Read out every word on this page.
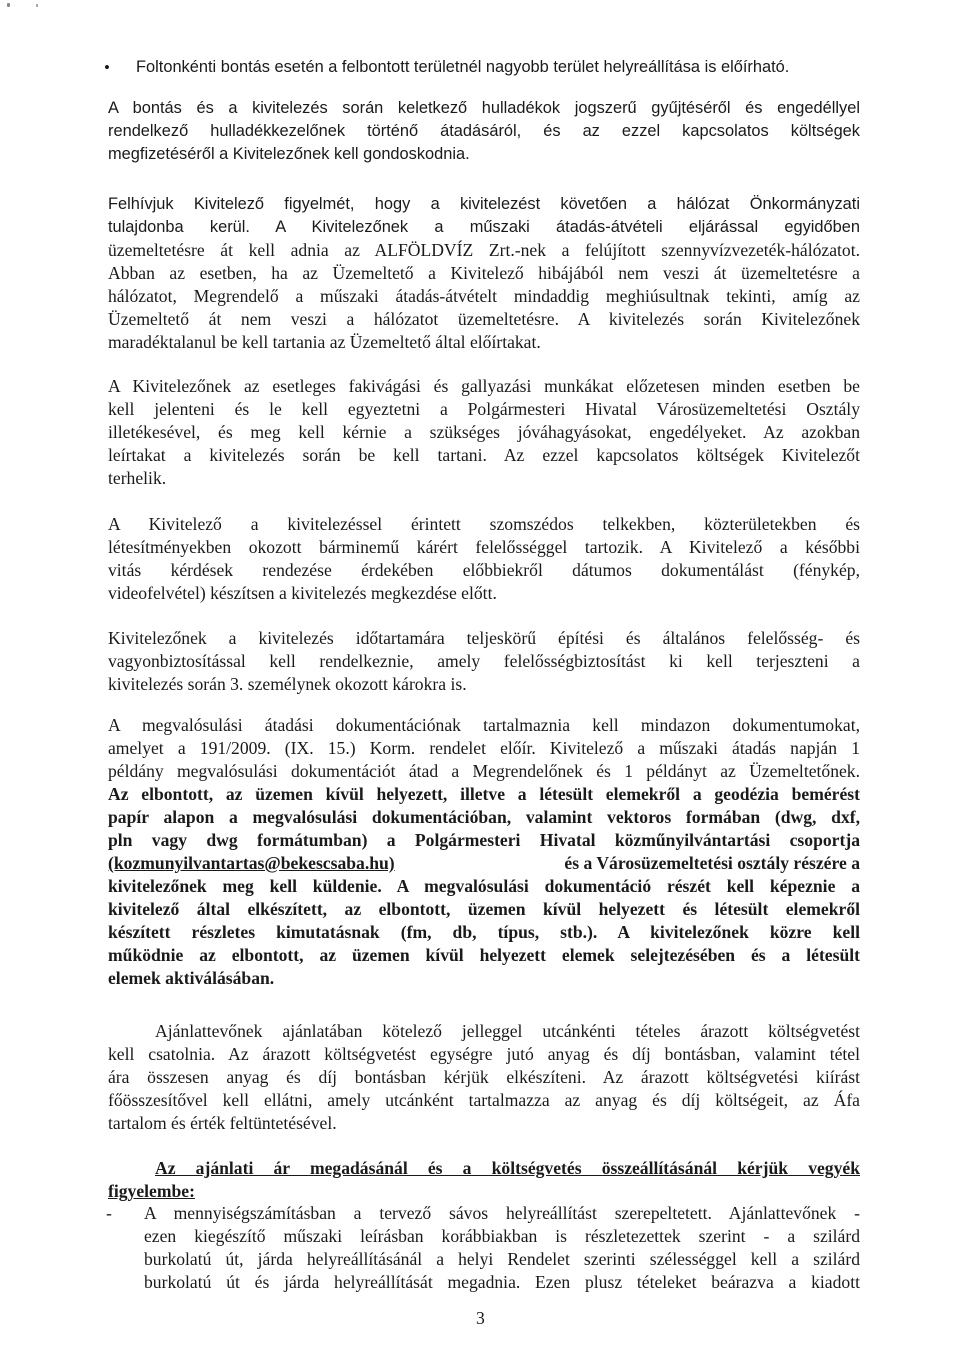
•	Foltonkénti bontás esetén a felbontott területnél nagyobb terület helyreállítása is előírható.
A bontás és a kivitelezés során keletkező hulladékok jogszerű gyűjtéséről és engedéllyel
rendelkező hulladékkezelőnek történő átadásáról, és az ezzel kapcsolatos költségek
megfizetéséről a Kivitelezőnek kell gondoskodnia.
Felhívjuk Kivitelező figyelmét, hogy a kivitelezést követően a hálózat Önkormányzati
tulajdonba kerül. A Kivitelezőnek a műszaki átadás-átvételi eljárással egyidőben
üzemeltetésre át kell adnia az ALFÖLDVÍZ Zrt.-nek a felújított szennyvízvezeték-hálózatot.
Abban az esetben, ha az Üzemeltető a Kivitelező hibájából nem veszi át üzemeltetésre a
hálózatot, Megrendelő a műszaki átadás-átvételt mindaddig meghiúsultnak tekinti, amíg az
Üzemeltető át nem veszi a hálózatot üzemeltetésre. A kivitelezés során Kivitelezőnek
maradéktalanul be kell tartania az Üzemeltető által előírtakat.
A Kivitelezőnek az esetleges fakivágási és gallyazási munkákat előzetesen minden esetben be
kell jelenteni és le kell egyeztetni a Polgármesteri Hivatal Városüzemeltetési Osztály
illetékesével, és meg kell kérnie a szükséges jóváhagyásokat, engedélyeket. Az azokban
leírtakat a kivitelezés során be kell tartani. Az ezzel kapcsolatos költségek Kivitelezőt
terhelik.
A Kivitelező a kivitelezéssel érintett szomszédos telkekben, közterületekben és
létesítményekben okozott bárminemű kárért felelősséggel tartozik. A Kivitelező a későbbi
vitás kérdések rendezése érdekében előbbiekről dátumos dokumentálást (fénykép,
videofelvétel) készítsen a kivitelezés megkezdése előtt.
Kivitelezőnek a kivitelezés időtartamára teljeskörű építési és általános felelősség- és
vagyonbiztosítással kell rendelkeznie, amely felelősségbiztosítást ki kell terjeszteni a
kivitelezés során 3. személynek okozott károkra is.
A megvalósulási átadási dokumentációnak tartalmaznia kell mindazon dokumentumokat,
amelyet a 191/2009. (IX. 15.) Korm. rendelet előír. Kivitelező a műszaki átadás napján 1
példány megvalósulási dokumentációt átad a Megrendelőnek és 1 példányt az Üzemeltetőnek.
Az elbontott, az üzemen kívül helyezett, illetve a létesült elemekről a geodézia bemérést
papír alapon a megvalósulási dokumentációban, valamint vektoros formában (dwg, dxf,
pln vagy dwg formátumban) a Polgármesteri Hivatal közműnyilvántartási csoportja
(kozmunyilvantartas@bekescsaba.hu)	és a Városüzemeltetési osztály részére a
kivitelezőnek meg kell küldenie. A megvalósulási dokumentáció részét kell képeznie a
kivitelező által elkészített, az elbontott, üzemen kívül helyezett és létesült elemekről
készített részletes kimutatásnak (fm, db, típus, stb.). A kivitelezőnek közre kell
működnie az elbontott, az üzemen kívül helyezett elemek selejtezésében és a létesült
elemek aktiválásában.
Ajánlattevőnek ajánlatában kötelező jelleggel utcánkénti tételes árazott költségvetést
kell csatolnia. Az árazott költségvetést egységre jutó anyag és díj bontásban, valamint tétel
ára összesen anyag és díj bontásban kérjük elkészíteni. Az árazott költségvetési kiírást
főösszesítővel kell ellátni, amely utcánként tartalmazza az anyag és díj költségeit, az Áfa
tartalom és érték feltüntetésével.
Az ajánlati ár megadásánál és a költségvetés összeállításánál kérjük vegyék
figyelembe:
- A mennyiségszámításban a tervező sávos helyreállítást szerepeltetett. Ajánlattevőnek -
ezen kiegészítő műszaki leírásban korábbiakban is részletezettek szerint - a szilárd
burkolatú út, járda helyreállításánál a helyi Rendelet szerinti szélességgel kell a szilárd
burkolatú út és járda helyreállítását megadnia. Ezen plusz tételeket beárazva a kiadott
3
